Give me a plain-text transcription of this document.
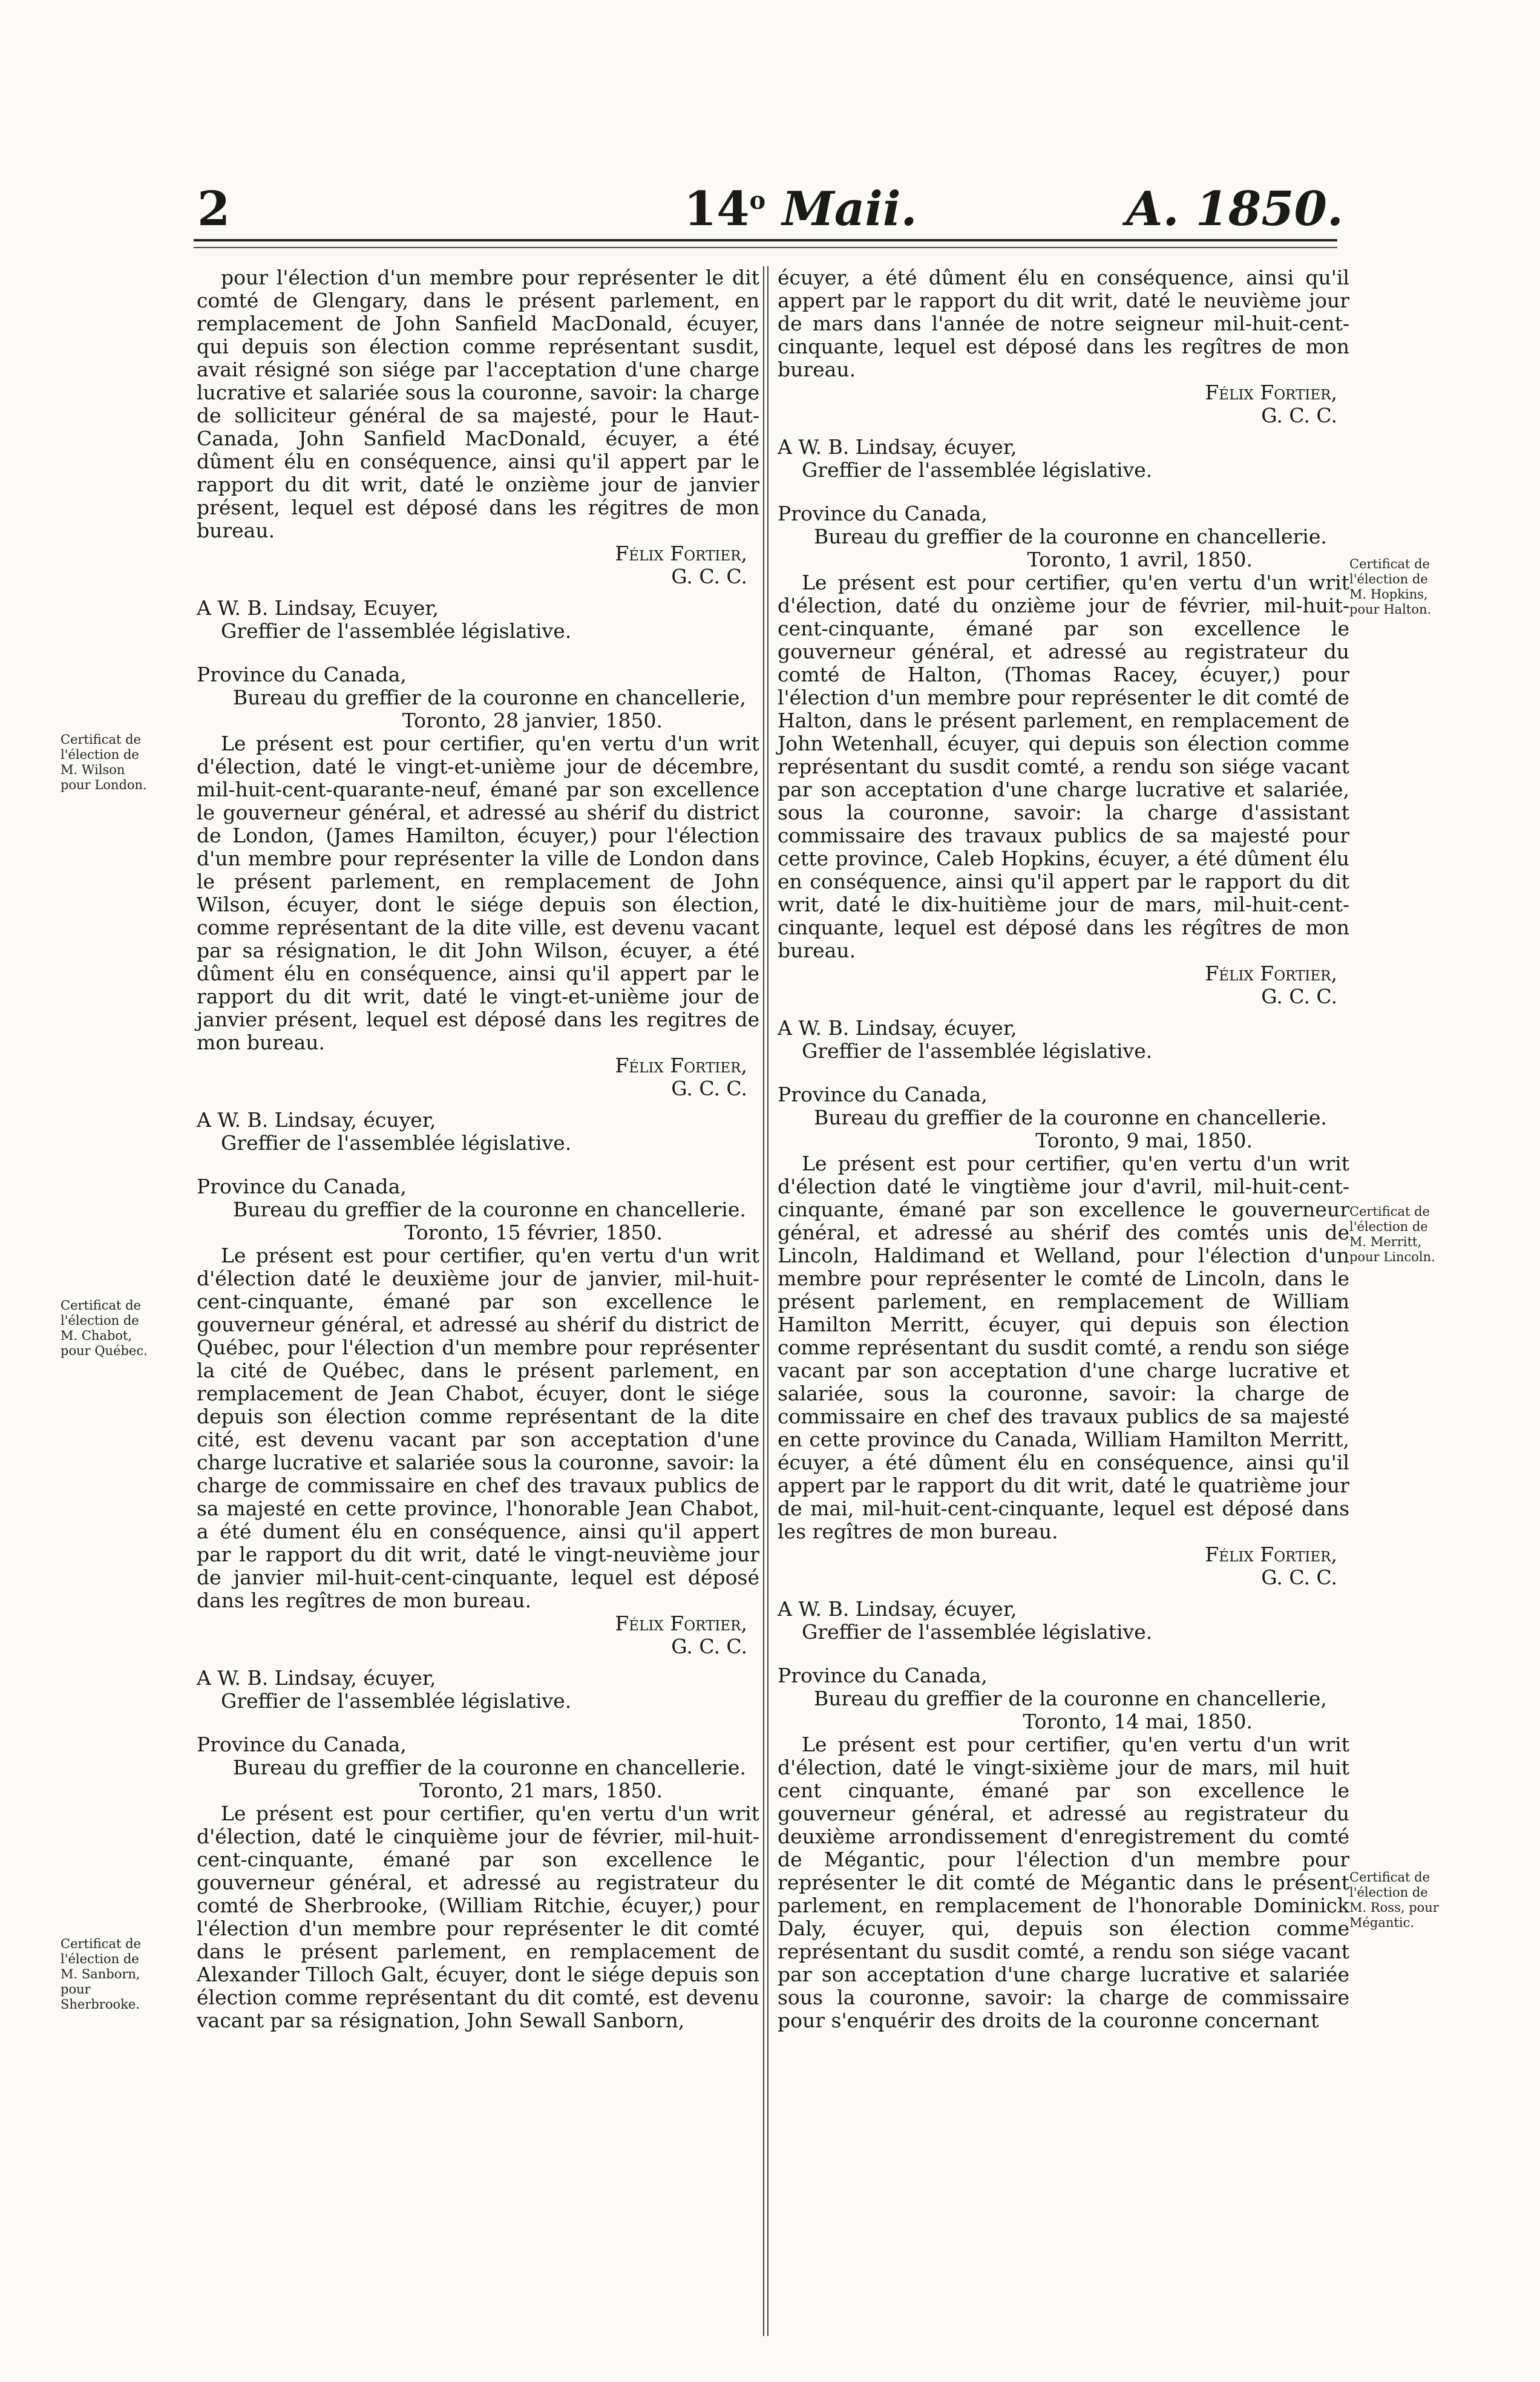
2	14$^o$ Maii.	A. 1850.
Certificat de l'élection de M. Wilson pour London.
Certificat de l'élection de M. Chabot, pour Québec.
Certificat de l'élection de M. Sanborn, pour Sherbrooke.
Certificat de l'élection de M. Hopkins, pour Halton.
Certificat de l'élection de M. Merritt, pour Lincoln.
Certificat de l'élection de M. Ross, pour Mégantic.

pour l'élection d'un membre pour représenter le dit comté de Glengary, dans le présent parlement, en remplacement de John Sanfield MacDonald, écuyer, qui depuis son élection comme représentant susdit, avait résigné son siége par l'acceptation d'une charge lucrative et salariée sous la couronne, savoir: la charge de solliciteur général de sa majesté, pour le Haut-Canada, John Sanfield MacDonald, écuyer, a été dûment élu en conséquence, ainsi qu'il appert par le rapport du dit writ, daté le onzième jour de janvier présent, lequel est déposé dans les régitres de mon bureau.

Félix Fortier,

G. C. C.

A W. B. Lindsay, Ecuyer,

Greffier de l'assemblée législative.

Province du Canada,

Bureau du greffier de la couronne en chancellerie,

Toronto, 28 janvier, 1850.

Le présent est pour certifier, qu'en vertu d'un writ d'élection, daté le vingt-et-unième jour de décembre, mil-huit-cent-quarante-neuf, émané par son excellence le gouverneur général, et adressé au shérif du district de London, (James Hamilton, écuyer,) pour l'élection d'un membre pour représenter la ville de London dans le présent parlement, en remplacement de John Wilson, écuyer, dont le siége depuis son élection, comme représentant de la dite ville, est devenu vacant par sa résignation, le dit John Wilson, écuyer, a été dûment élu en conséquence, ainsi qu'il appert par le rapport du dit writ, daté le vingt-et-unième jour de janvier présent, lequel est déposé dans les regitres de mon bureau.

Félix Fortier,

G. C. C.

A W. B. Lindsay, écuyer,

Greffier de l'assemblée législative.

Province du Canada,

Bureau du greffier de la couronne en chancellerie.

Toronto, 15 février, 1850.

Le présent est pour certifier, qu'en vertu d'un writ d'élection daté le deuxième jour de janvier, mil-huit-cent-cinquante, émané par son excellence le gouverneur général, et adressé au shérif du district de Québec, pour l'élection d'un membre pour représenter la cité de Québec, dans le présent parlement, en remplacement de Jean Chabot, écuyer, dont le siége depuis son élection comme représentant de la dite cité, est devenu vacant par son acceptation d'une charge lucrative et salariée sous la couronne, savoir: la charge de commissaire en chef des travaux publics de sa majesté en cette province, l'honorable Jean Chabot, a été dument élu en conséquence, ainsi qu'il appert par le rapport du dit writ, daté le vingt-neuvième jour de janvier mil-huit-cent-cinquante, lequel est déposé dans les regîtres de mon bureau.

Félix Fortier,

G. C. C.

A W. B. Lindsay, écuyer,

Greffier de l'assemblée législative.

Province du Canada,

Bureau du greffier de la couronne en chancellerie.

Toronto, 21 mars, 1850.

Le présent est pour certifier, qu'en vertu d'un writ d'élection, daté le cinquième jour de février, mil-huit-cent-cinquante, émané par son excellence le gouverneur général, et adressé au registrateur du comté de Sherbrooke, (William Ritchie, écuyer,) pour l'élection d'un membre pour représenter le dit comté dans le présent parlement, en remplacement de Alexander Tilloch Galt, écuyer, dont le siége depuis son élection comme représentant du dit comté, est devenu vacant par sa résignation, John Sewall Sanborn,

écuyer, a été dûment élu en conséquence, ainsi qu'il appert par le rapport du dit writ, daté le neuvième jour de mars dans l'année de notre seigneur mil-huit-cent-cinquante, lequel est déposé dans les regîtres de mon bureau.

Félix Fortier,

G. C. C.

A W. B. Lindsay, écuyer,

Greffier de l'assemblée législative.

Province du Canada,

Bureau du greffier de la couronne en chancellerie.

Toronto, 1 avril, 1850.

Le présent est pour certifier, qu'en vertu d'un writ d'élection, daté du onzième jour de février, mil-huit-cent-cinquante, émané par son excellence le gouverneur général, et adressé au registrateur du comté de Halton, (Thomas Racey, écuyer,) pour l'élection d'un membre pour représenter le dit comté de Halton, dans le présent parlement, en remplacement de John Wetenhall, écuyer, qui depuis son élection comme représentant du susdit comté, a rendu son siége vacant par son acceptation d'une charge lucrative et salariée, sous la couronne, savoir: la charge d'assistant commissaire des travaux publics de sa majesté pour cette province, Caleb Hopkins, écuyer, a été dûment élu en conséquence, ainsi qu'il appert par le rapport du dit writ, daté le dix-huitième jour de mars, mil-huit-cent-cinquante, lequel est déposé dans les régîtres de mon bureau.

Félix Fortier,

G. C. C.

A W. B. Lindsay, écuyer,

Greffier de l'assemblée législative.

Province du Canada,

Bureau du greffier de la couronne en chancellerie.

Toronto, 9 mai, 1850.

Le présent est pour certifier, qu'en vertu d'un writ d'élection daté le vingtième jour d'avril, mil-huit-cent-cinquante, émané par son excellence le gouverneur général, et adressé au shérif des comtés unis de Lincoln, Haldimand et Welland, pour l'élection d'un membre pour représenter le comté de Lincoln, dans le présent parlement, en remplacement de William Hamilton Merritt, écuyer, qui depuis son élection comme représentant du susdit comté, a rendu son siége vacant par son acceptation d'une charge lucrative et salariée, sous la couronne, savoir: la charge de commissaire en chef des travaux publics de sa majesté en cette province du Canada, William Hamilton Merritt, écuyer, a été dûment élu en conséquence, ainsi qu'il appert par le rapport du dit writ, daté le quatrième jour de mai, mil-huit-cent-cinquante, lequel est déposé dans les regîtres de mon bureau.

Félix Fortier,

G. C. C.

A W. B. Lindsay, écuyer,

Greffier de l'assemblée législative.

Province du Canada,

Bureau du greffier de la couronne en chancellerie,

Toronto, 14 mai, 1850.

Le présent est pour certifier, qu'en vertu d'un writ d'élection, daté le vingt-sixième jour de mars, mil huit cent cinquante, émané par son excellence le gouverneur général, et adressé au registrateur du deuxième arrondissement d'enregistrement du comté de Mégantic, pour l'élection d'un membre pour représenter le dit comté de Mégantic dans le présent parlement, en remplacement de l'honorable Dominick Daly, écuyer, qui, depuis son élection comme représentant du susdit comté, a rendu son siége vacant par son acceptation d'une charge lucrative et salariée sous la couronne, savoir: la charge de commissaire pour s'enquérir des droits de la couronne concernant
